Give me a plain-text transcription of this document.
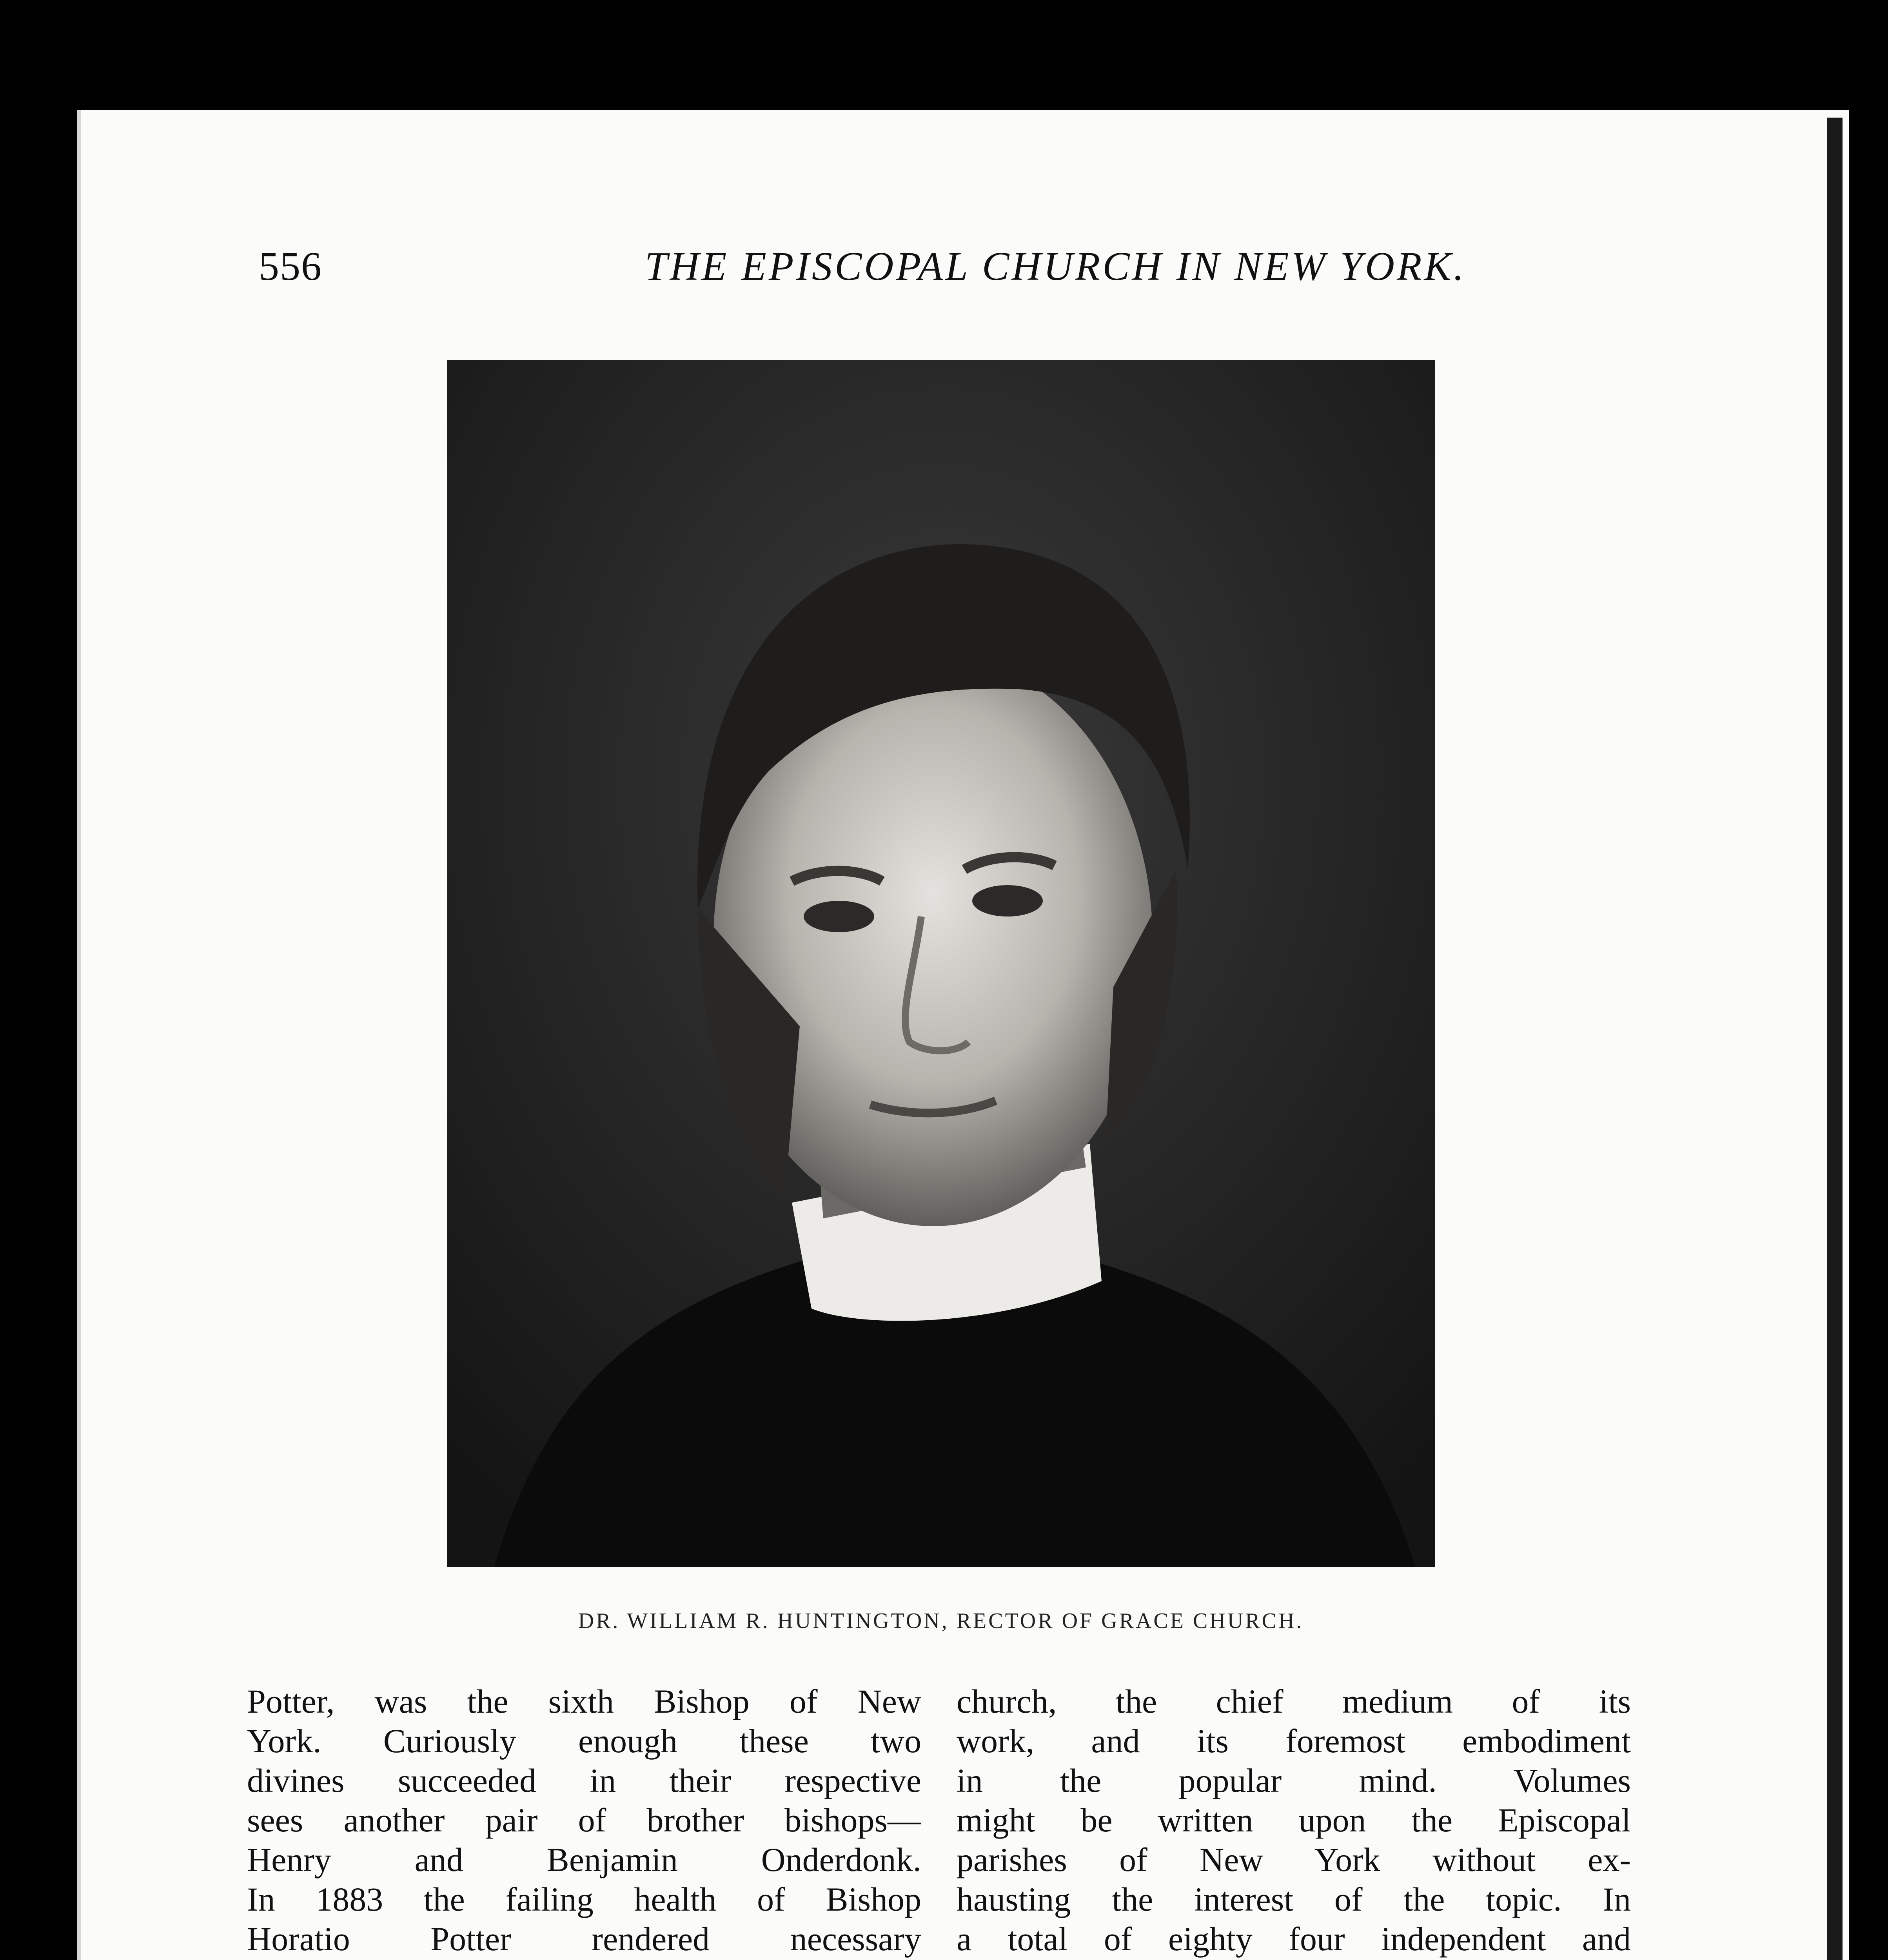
556	THE EPISCOPAL CHURCH IN NEW YORK.
DR. WILLIAM R. HUNTINGTON, RECTOR OF GRACE CHURCH.
Potter, was the sixth Bishop of New
York. Curiously enough these two
divines succeeded in their respective
sees another pair of brother bishops—
Henry and Benjamin Onderdonk.
In 1883 the failing health of Bishop
Horatio Potter rendered necessary
church, the chief medium of its
work, and its foremost embodiment
in the popular mind. Volumes
might be written upon the Episcopal
parishes of New York without ex-
hausting the interest of the topic. In
a total of eighty four independent and
